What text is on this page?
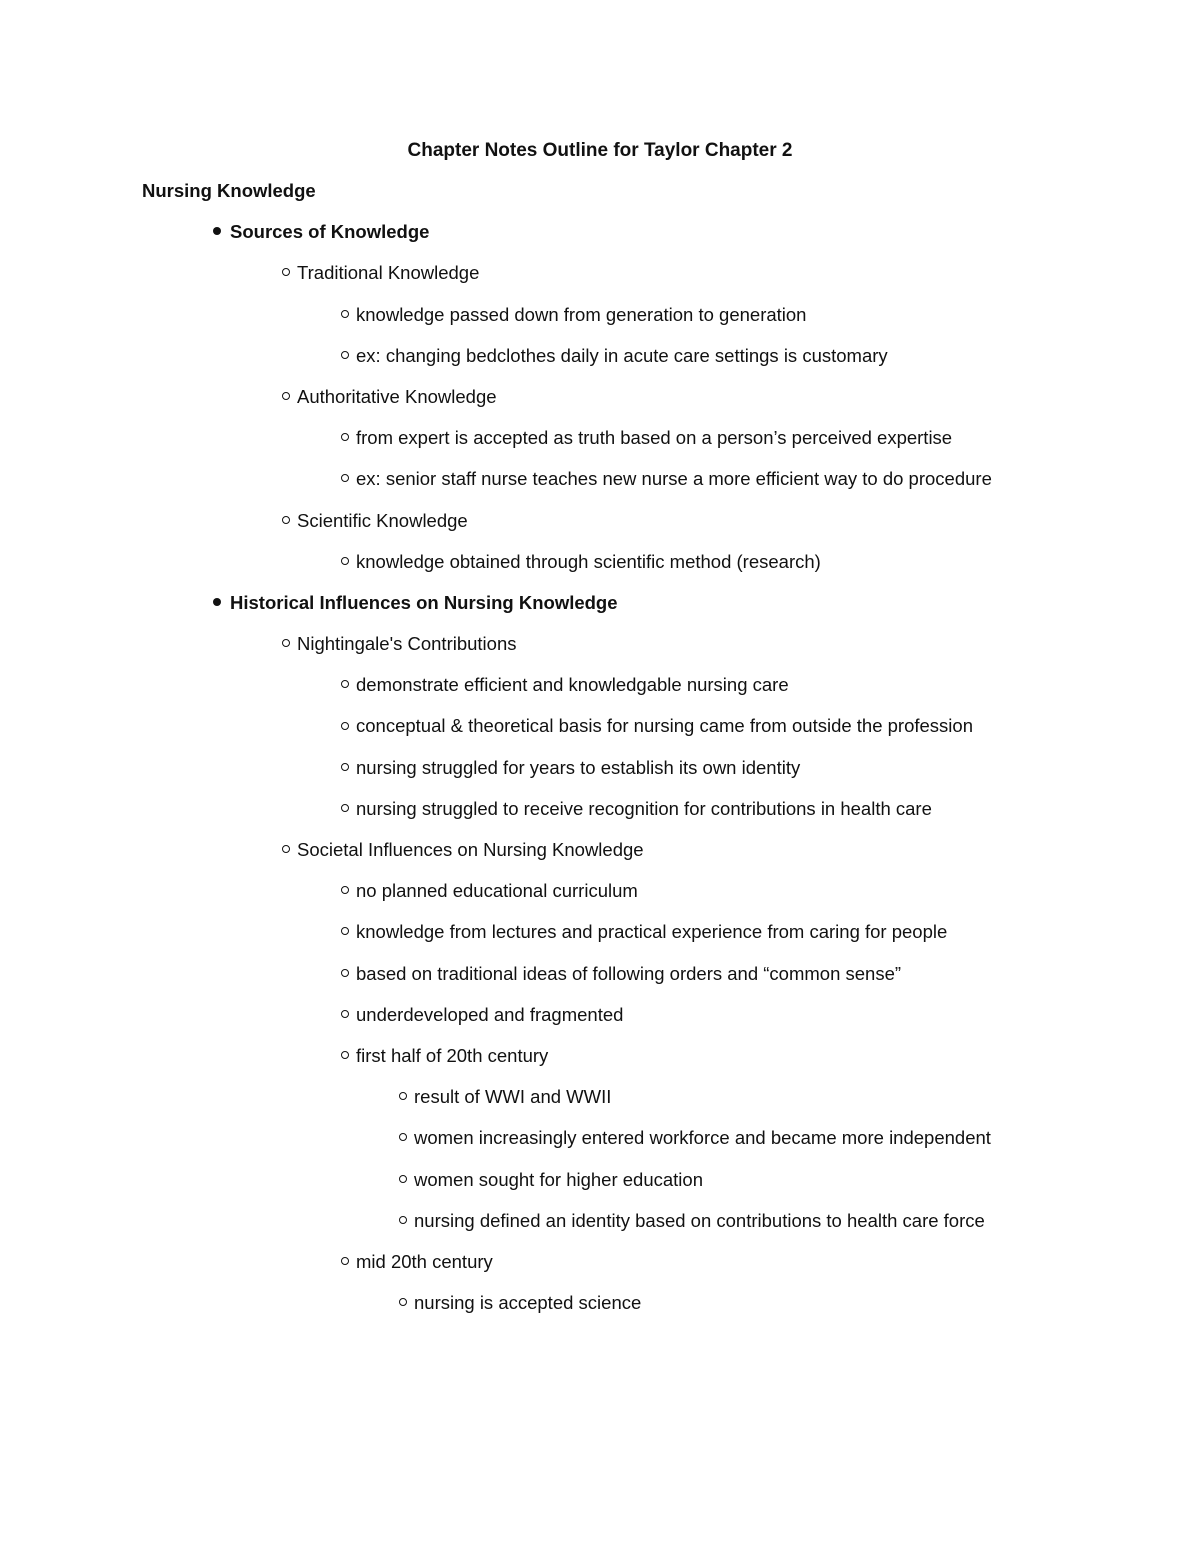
Chapter Notes Outline for Taylor Chapter 2
Nursing Knowledge
Sources of Knowledge
Traditional Knowledge
knowledge passed down from generation to generation
ex: changing bedclothes daily in acute care settings is customary
Authoritative Knowledge
from expert is accepted as truth based on a person’s perceived expertise
ex: senior staff nurse teaches new nurse a more efficient way to do procedure
Scientific Knowledge
knowledge obtained through scientific method (research)
Historical Influences on Nursing Knowledge
Nightingale's Contributions
demonstrate efficient and knowledgable nursing care
conceptual & theoretical basis for nursing came from outside the profession
nursing struggled for years to establish its own identity
nursing struggled to receive recognition for contributions in health care
Societal Influences on Nursing Knowledge
no planned educational curriculum
knowledge from lectures and practical experience from caring for people
based on traditional ideas of following orders and “common sense”
underdeveloped and fragmented
first half of 20th century
result of WWI and WWII
women increasingly entered workforce and became more independent
women sought for higher education
nursing defined an identity based on contributions to health care force
mid 20th century
nursing is accepted science
